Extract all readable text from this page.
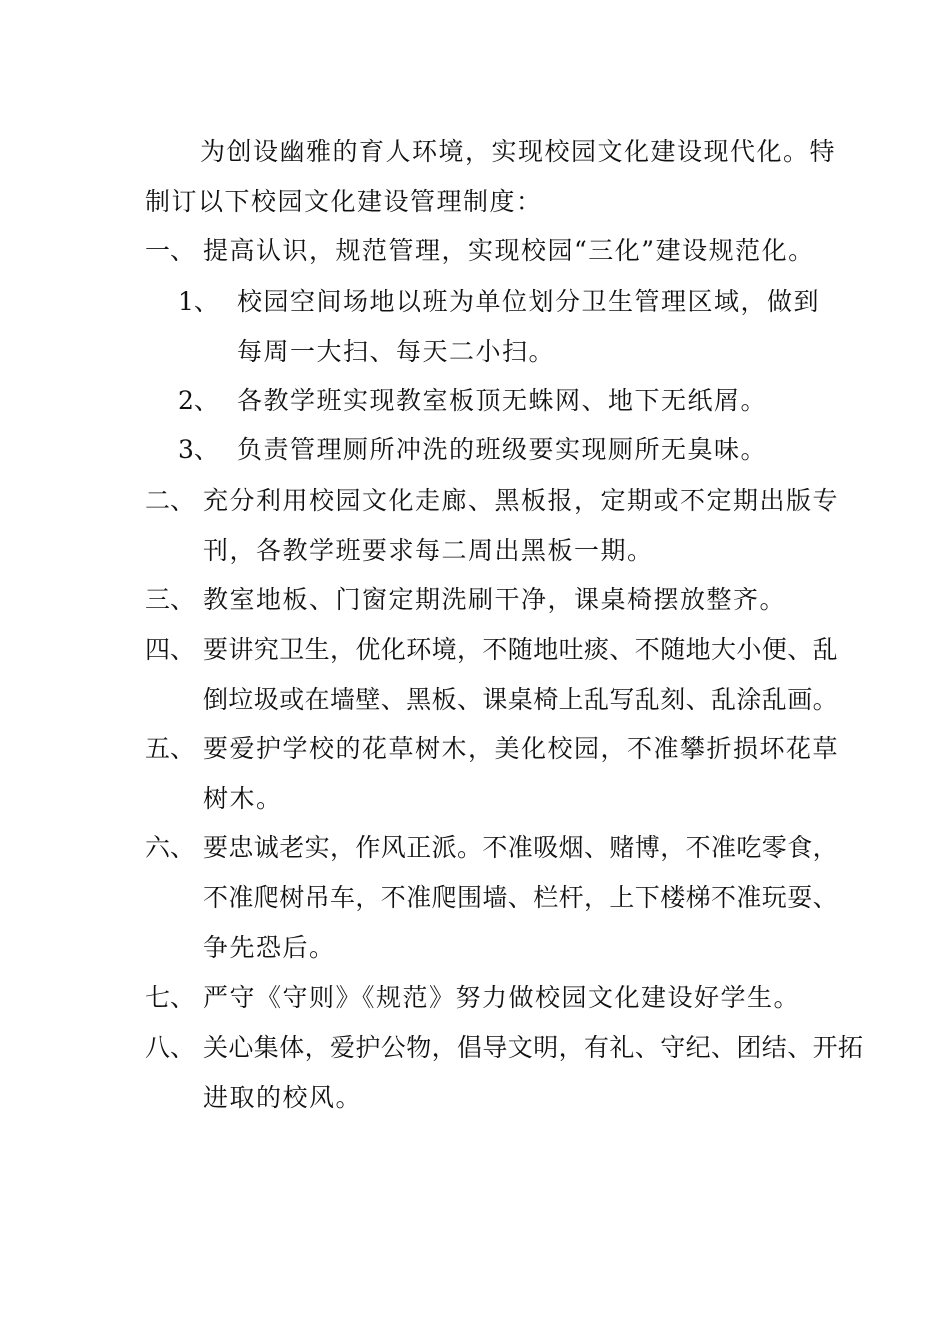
为创设幽雅的育人环境，实现校园文化建设现代化。特
制订以下校园文化建设管理制度：
一、 提高认识，规范管理，实现校园“三化”建设规范化。
1、 校园空间场地以班为单位划分卫生管理区域，做到
每周一大扫、每天二小扫。
2、 各教学班实现教室板顶无蛛网、地下无纸屑。
3、 负责管理厕所冲洗的班级要实现厕所无臭味。
二、 充分利用校园文化走廊、黑板报，定期或不定期出版专
刊，各教学班要求每二周出黑板一期。
三、 教室地板、门窗定期洗刷干净，课桌椅摆放整齐。
四、 要讲究卫生，优化环境，不随地吐痰、不随地大小便、乱
倒垃圾或在墙壁、黑板、课桌椅上乱写乱刻、乱涂乱画。
五、 要爱护学校的花草树木，美化校园，不准攀折损坏花草
树木。
六、 要忠诚老实，作风正派。不准吸烟、赌博，不准吃零食，
不准爬树吊车，不准爬围墙、栏杆，上下楼梯不准玩耍、
争先恐后。
七、 严守《守则》《规范》努力做校园文化建设好学生。
八、 关心集体，爱护公物，倡导文明，有礼、守纪、团结、开拓
进取的校风。
